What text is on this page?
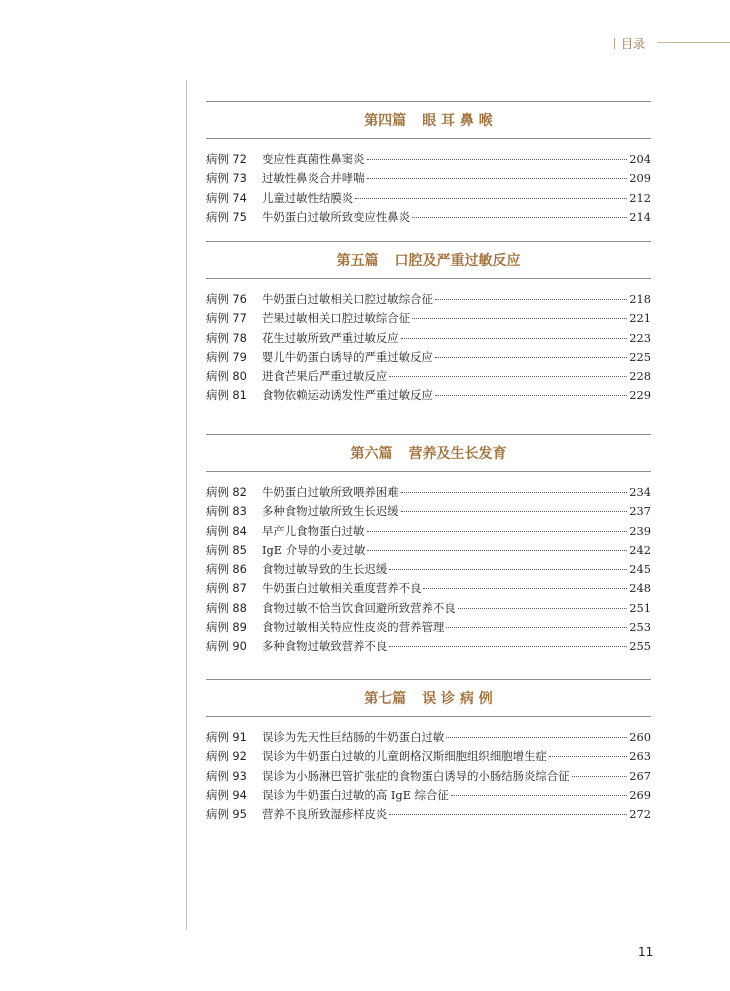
目录
第四篇 眼 耳 鼻 喉
病例 72	变应性真菌性鼻窦炎	204
病例 73	过敏性鼻炎合并哮喘	209
病例 74	儿童过敏性结膜炎	212
病例 75	牛奶蛋白过敏所致变应性鼻炎	214
第五篇 口腔及严重过敏反应
病例 76	牛奶蛋白过敏相关口腔过敏综合征	218
病例 77	芒果过敏相关口腔过敏综合征	221
病例 78	花生过敏所致严重过敏反应	223
病例 79	婴儿牛奶蛋白诱导的严重过敏反应	225
病例 80	进食芒果后严重过敏反应	228
病例 81	食物依赖运动诱发性严重过敏反应	229
第六篇 营养及生长发育
病例 82	牛奶蛋白过敏所致喂养困难	234
病例 83	多种食物过敏所致生长迟缓	237
病例 84	早产儿食物蛋白过敏	239
病例 85	IgE 介导的小麦过敏	242
病例 86	食物过敏导致的生长迟缓	245
病例 87	牛奶蛋白过敏相关重度营养不良	248
病例 88	食物过敏不恰当饮食回避所致营养不良	251
病例 89	食物过敏相关特应性皮炎的营养管理	253
病例 90	多种食物过敏致营养不良	255
第七篇 误 诊 病 例
病例 91	误诊为先天性巨结肠的牛奶蛋白过敏	260
病例 92	误诊为牛奶蛋白过敏的儿童朗格汉斯细胞组织细胞增生症	263
病例 93	误诊为小肠淋巴管扩张症的食物蛋白诱导的小肠结肠炎综合征	267
病例 94	误诊为牛奶蛋白过敏的高 IgE 综合征	269
病例 95	营养不良所致湿疹样皮炎	272
11
